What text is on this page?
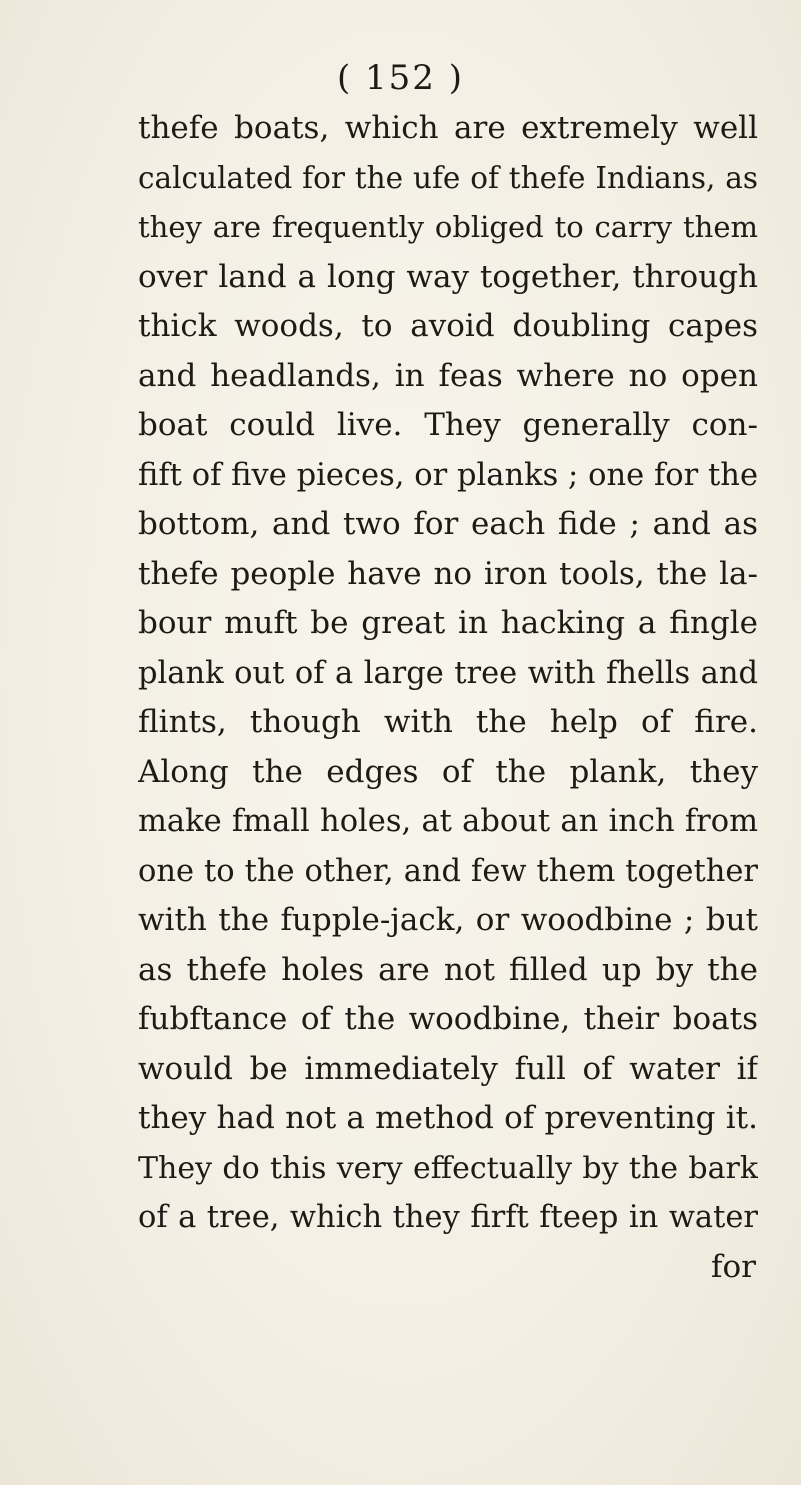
( 152 )
thefe boats, which are extremely well
calculated for the ufe of thefe Indians, as
they are frequently obliged to carry them
over land a long way together, through
thick woods, to avoid doubling capes
and headlands, in feas where no open
boat could live. They generally con-
fift of five pieces, or planks ; one for the
bottom, and two for each fide ; and as
thefe people have no iron tools, the la-
bour muft be great in hacking a fingle
plank out of a large tree with fhells and
flints, though with the help of fire.
Along the edges of the plank, they
make fmall holes, at about an inch from
one to the other, and few them together
with the fupple-jack, or woodbine ; but
as thefe holes are not filled up by the
fubftance of the woodbine, their boats
would be immediately full of water if
they had not a method of preventing it.
They do this very effectually by the bark
of a tree, which they firft fteep in water
for
